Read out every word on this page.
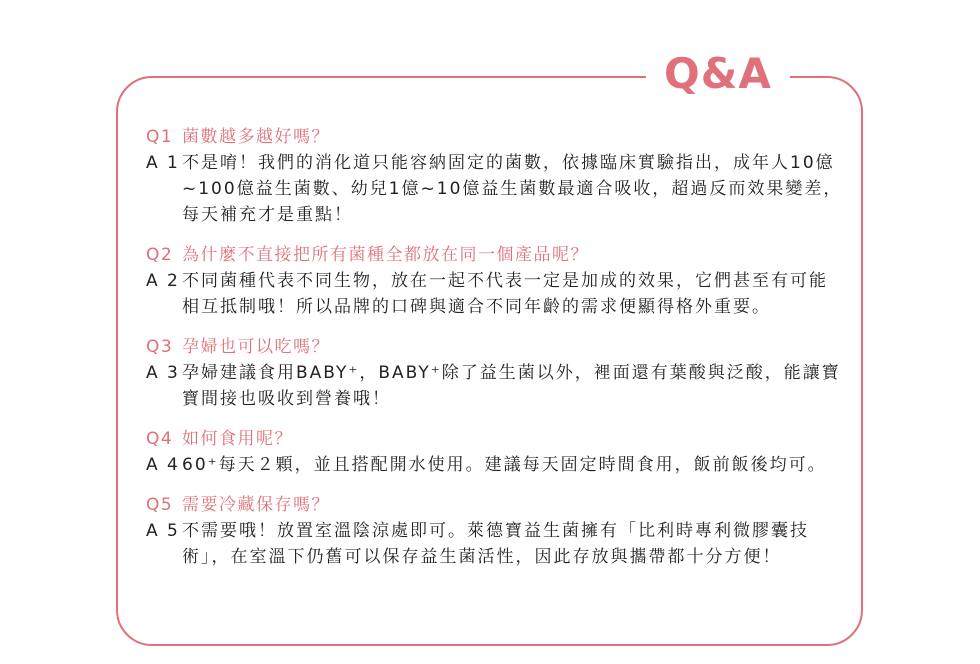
Q&A
Q1 菌數越多越好嗎？
A 1 不是唷！我們的消化道只能容納固定的菌數，依據臨床實驗指出，成年人10億~100億益生菌數、幼兒1億~10億益生菌數最適合吸收，超過反而效果變差，每天補充才是重點！
Q2 為什麼不直接把所有菌種全都放在同一個產品呢？
A 2 不同菌種代表不同生物，放在一起不代表一定是加成的效果，它們甚至有可能相互抵制哦！所以品牌的口碑與適合不同年齡的需求便顯得格外重要。
Q3 孕婦也可以吃嗎？
A 3 孕婦建議食用BABY⁺，BABY⁺除了益生菌以外，裡面還有葉酸與泛酸，能讓寶寶間接也吸收到營養哦！
Q4 如何食用呢？
A 4 60⁺每天２顆，並且搭配開水使用。建議每天固定時間食用，飯前飯後均可。
Q5 需要冷藏保存嗎？
A 5 不需要哦！放置室溫陰涼處即可。萊德寶益生菌擁有「比利時專利微膠囊技術」，在室溫下仍舊可以保存益生菌活性，因此存放與攜帶都十分方便！
